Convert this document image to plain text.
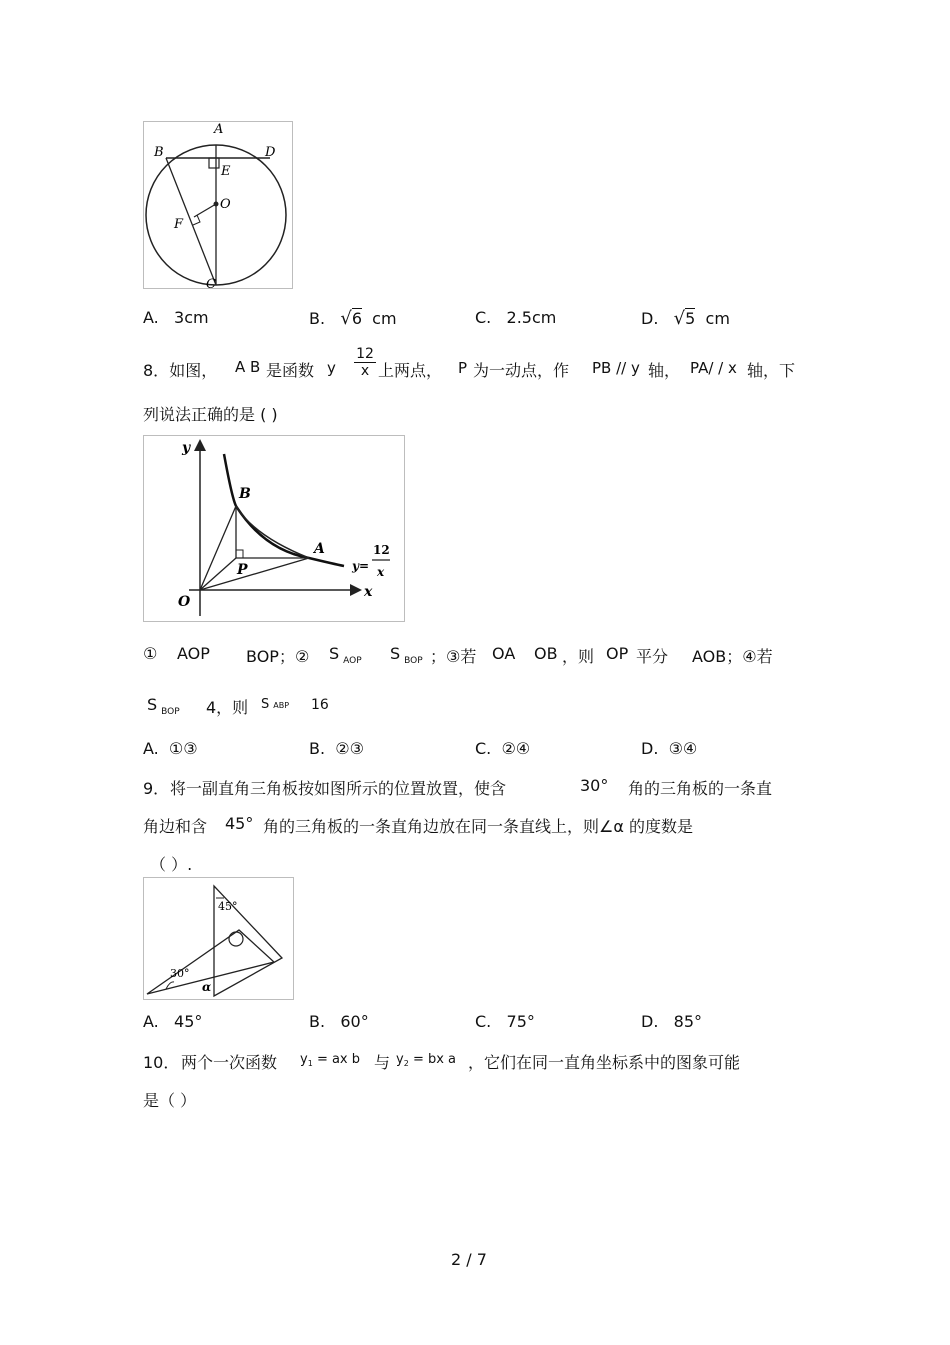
A
B	D
E
O
F
C
A. 3cm	B. √6 cm	C. 2.5cm	D. √5 cm
8．如图， A B 是函数 y
12
x 上两点， P 为一动点，作 PB // y 轴， PA/ / x 轴，下
列说法正确的是 ( )
y
x
O
B
A
P	y=
12
x
① AOP BOP；② S $_{AOP}$ S $_{BOP}$ ；③若 OA OB ，则 OP 平分 AOB；④若
S $_{BOP}$ 4，则 SABP 16
A. ①③	B. ②③	C. ②④	D. ③④
9． 将一副直角三角板按如图所示的位置放置，使含	30° 角的三角板的一条直
角边和含 45° 角的三角板的一条直角边放在同一条直线上，则∠α 的度数是
（ ）.
45°
30°
α
A. 45°	B. 60°	C. 75°	D. 85°
10． 两个一次函数 $y_1$ = ax b 与 $y_2$ = bx a ，它们在同一直角坐标系中的图象可能
是（ ）
2 / 7
